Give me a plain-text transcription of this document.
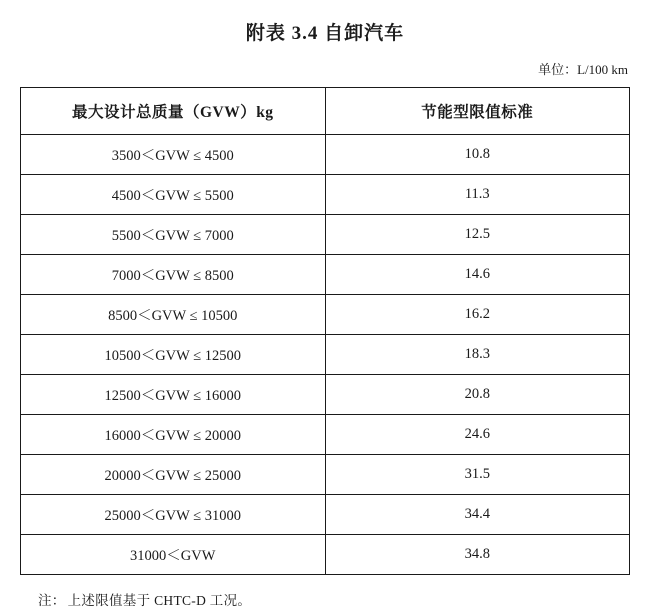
附表 3.4 自卸汽车
单位：L/100 km
最大设计总质量（GVW）kg	节能型限值标准
3500＜GVW ≤ 4500	10.8
4500＜GVW ≤ 5500	11.3
5500＜GVW ≤ 7000	12.5
7000＜GVW ≤ 8500	14.6
8500＜GVW ≤ 10500	16.2
10500＜GVW ≤ 12500	18.3
12500＜GVW ≤ 16000	20.8
16000＜GVW ≤ 20000	24.6
20000＜GVW ≤ 25000	31.5
25000＜GVW ≤ 31000	34.4
31000＜GVW	34.8
注： 上述限值基于 CHTC-D 工况。
